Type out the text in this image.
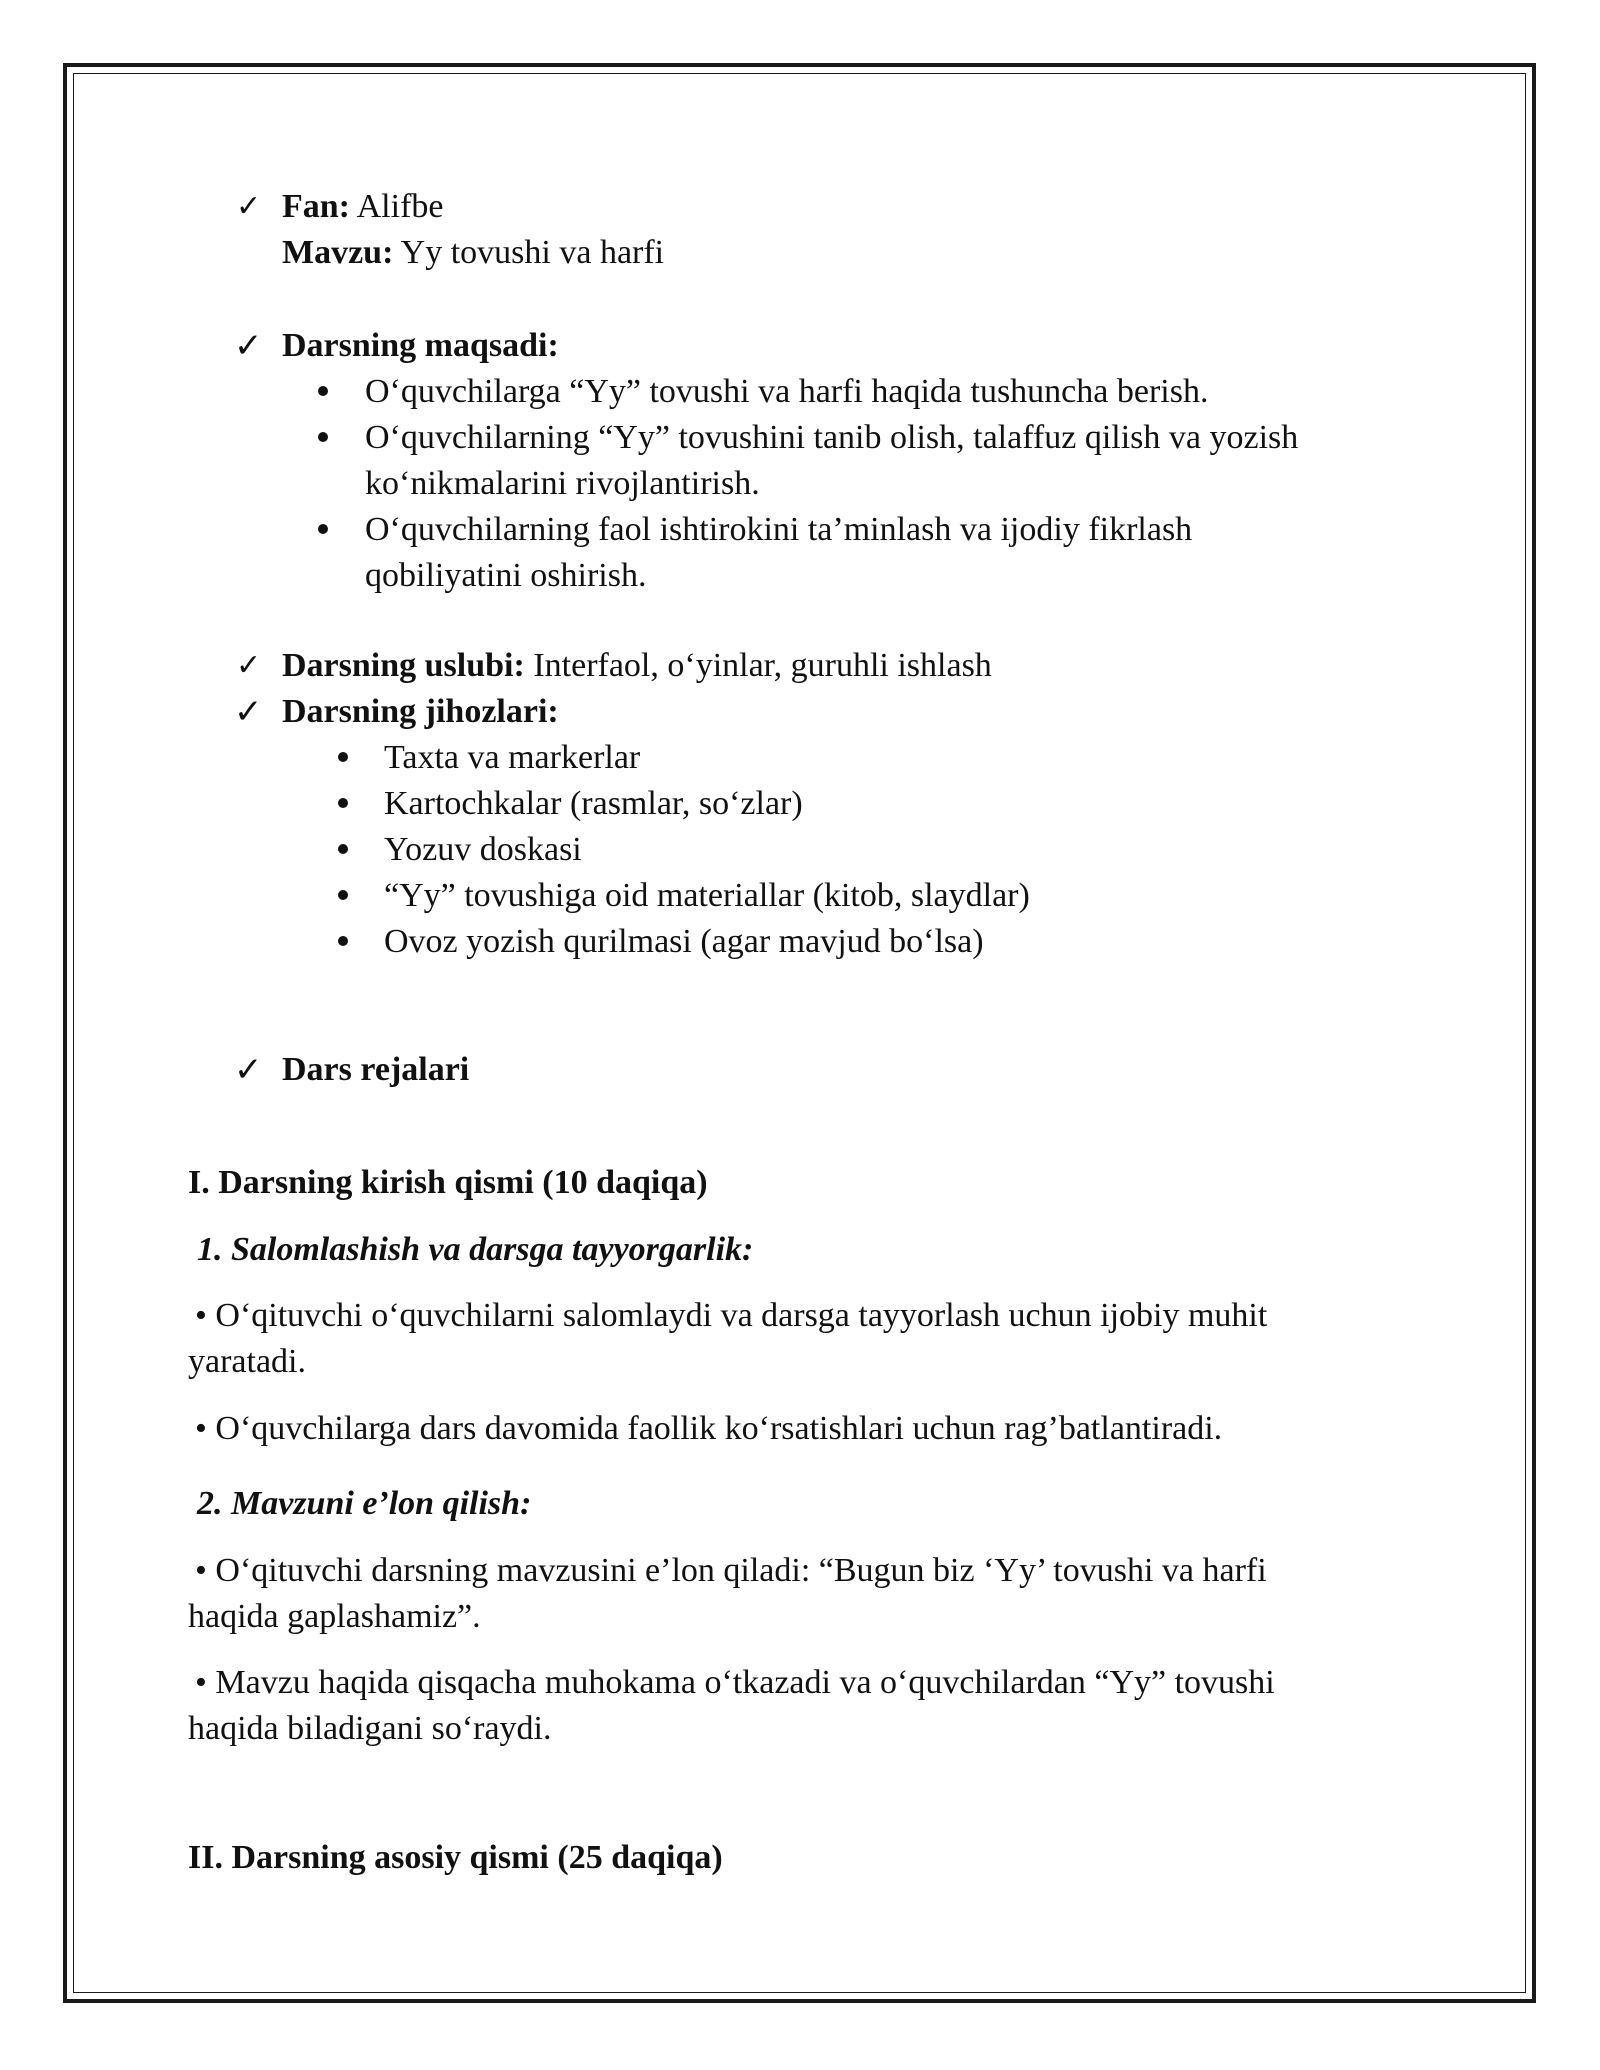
✓ Fan: Alifbe
Mavzu: Yy tovushi va harfi
✓ Darsning maqsadi:
O‘quvchilarga “Yy” tovushi va harfi haqida tushuncha berish.
O‘quvchilarning “Yy” tovushini tanib olish, talaffuz qilish va yozish
ko‘nikmalarini rivojlantirish.
O‘quvchilarning faol ishtirokini ta’minlash va ijodiy fikrlash
qobiliyatini oshirish.
✓ Darsning uslubi: Interfaol, o‘yinlar, guruhli ishlash
✓ Darsning jihozlari:
Taxta va markerlar
Kartochkalar (rasmlar, so‘zlar)
Yozuv doskasi
“Yy” tovushiga oid materiallar (kitob, slaydlar)
Ovoz yozish qurilmasi (agar mavjud bo‘lsa)
✓ Dars rejalari
I. Darsning kirish qismi (10 daqiqa)
1. Salomlashish va darsga tayyorgarlik:
• O‘qituvchi o‘quvchilarni salomlaydi va darsga tayyorlash uchun ijobiy muhit
yaratadi.
• O‘quvchilarga dars davomida faollik ko‘rsatishlari uchun rag’batlantiradi.
2. Mavzuni e’lon qilish:
• O‘qituvchi darsning mavzusini e’lon qiladi: “Bugun biz ‘Yy’ tovushi va harfi
haqida gaplashamiz”.
• Mavzu haqida qisqacha muhokama o‘tkazadi va o‘quvchilardan “Yy” tovushi
haqida biladigani so‘raydi.
II. Darsning asosiy qismi (25 daqiqa)
